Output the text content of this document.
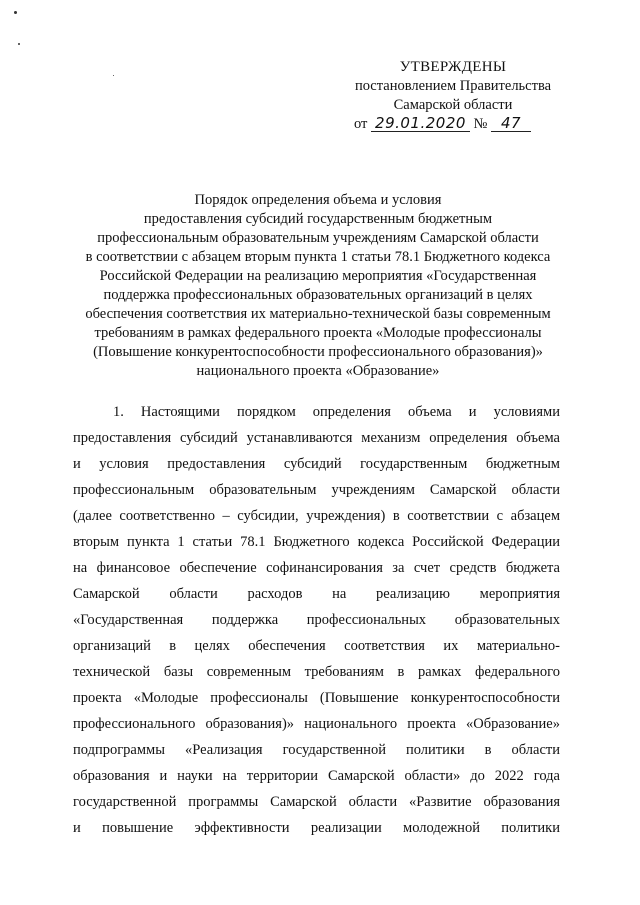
УТВЕРЖДЕНЫ
постановлением Правительства
Самарской области
от 29.01.2020 № 47
Порядок определения объема и условия
предоставления субсидий государственным бюджетным
профессиональным образовательным учреждениям Самарской области
в соответствии с абзацем вторым пункта 1 статьи 78.1 Бюджетного кодекса
Российской Федерации на реализацию мероприятия «Государственная
поддержка профессиональных образовательных организаций в целях
обеспечения соответствия их материально-технической базы современным
требованиям в рамках федерального проекта «Молодые профессионалы
(Повышение конкурентоспособности профессионального образования)»
национального проекта «Образование»
1. Настоящими порядком определения объема и условиями
предоставления субсидий устанавливаются механизм определения объема
и условия предоставления субсидий государственным бюджетным
профессиональным образовательным учреждениям Самарской области
(далее соответственно – субсидии, учреждения) в соответствии с абзацем
вторым пункта 1 статьи 78.1 Бюджетного кодекса Российской Федерации
на финансовое обеспечение софинансирования за счет средств бюджета
Самарской области расходов на реализацию мероприятия
«Государственная поддержка профессиональных образовательных
организаций в целях обеспечения соответствия их материально-
технической базы современным требованиям в рамках федерального
проекта «Молодые профессионалы (Повышение конкурентоспособности
профессионального образования)» национального проекта «Образование»
подпрограммы «Реализация государственной политики в области
образования и науки на территории Самарской области» до 2022 года
государственной программы Самарской области «Развитие образования
и повышение эффективности реализации молодежной политики
